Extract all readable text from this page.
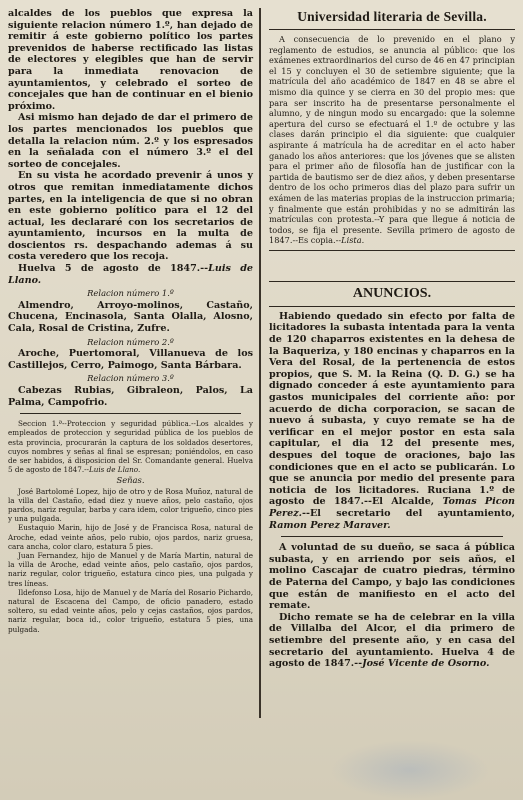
alcaldes de los pueblos que expresa la siguiente relacion número 1.º, han dejado de remitir á este gobierno político los partes prevenidos de haberse rectificado las listas de electores y elegibles que han de servir para la inmediata renovacion de ayuntamientos, y celebrado el sorteo de concejales que han de continuar en el bienio próximo.

Asi mismo han dejado de dar el primero de los partes mencionados los pueblos que detalla la relacion núm. 2.º y los espresados en la señalada con el número 3.º el del sorteo de concejales.

En su vista he acordado prevenir á unos y otros que remitan inmediatamente dichos partes, en la inteligencia de que si no obran en este gobierno político para el 12 del actual, les declararé con los secretarios de ayuntamiento, incursos en la multa de doscientos rs. despachando ademas á su costa veredero que los recoja.

Huelva 5 de agosto de 1847.--Luis de Llano.

Relacion número 1.º

Almendro, Arroyo-molinos, Castaño, Chucena, Encinasola, Santa Olalla, Alosno, Cala, Rosal de Cristina, Zufre.

Relacion número 2.º

Aroche, Puertomoral, Villanueva de los Castillejos, Cerro, Paimogo, Santa Bárbara.

Relacion número 3.º

Cabezas Rubias, Gibraleon, Palos, La Palma, Campofrio.

Seccion 1.ª--Proteccion y seguridad pública.--Los alcaldes y empleados de proteccion y seguridad pública de los pueblos de esta provincia, procurarán la captura de los soldados desertores, cuyos nombres y señas al final se espresan; poniéndolos, en caso de ser habidos, á disposicion del Sr. Comandante general. Huelva 5 de agosto de 1847.--Luis de Llano.

Señas.

José Bartolomé Lopez, hijo de otro y de Rosa Muñoz, natural de la villa del Castaño, edad diez y nueve años, pelo castaño, ojos pardos, nariz regular, barba y cara idem, color trigueño, cinco pies y una pulgada.

Eustaquio Marin, hijo de José y de Francisca Rosa, natural de Aroche, edad veinte años, pelo rubio, ojos pardos, nariz gruesa, cara ancha, color claro, estatura 5 pies.

Juan Fernandez, hijo de Manuel y de María Martin, natural de la villa de Aroche, edad veinte años, pelo castaño, ojos pardos, nariz regular, color trigueño, estatura cinco pies, una pulgada y tres líneas.

Ildefonso Losa, hijo de Manuel y de María del Rosario Pichardo, natural de Escacena del Campo, de oficio panadero, estado soltero, su edad veinte años, pelo y cejas castaños, ojos pardos, nariz regular, boca id., color trigueño, estatura 5 pies, una pulgada.

Universidad literaria de Sevilla.

A consecuencia de lo prevenido en el plano y reglamento de estudios, se anuncia al público: que los exámenes extraordinarios del curso de 46 en 47 principian el 15 y concluyen el 30 de setiembre siguiente; que la matrícula del año académico de 1847 en 48 se abre el mismo dia quince y se cierra en 30 del propio mes: que para ser inscrito ha de presentarse personalmente el alumno, y de ningun modo su encargado: que la solemne apertura del curso se efectuará el 1.º de octubre y las clases darán principio el dia siguiente: que cualquier aspirante á matrícula ha de acreditar en el acto haber ganado los años anteriores: que los jóvenes que se alisten para el primer año de filosofía han de justificar con la partida de bautismo ser de diez años, y deben presentarse dentro de los ocho primeros dias del plazo para sufrir un exámen de las materias propias de la instruccion primaria; y finalmente que están prohibidas y no se admitirán las matrículas con protesta.--Y para que llegue á noticia de todos, se fija el presente. Sevilla primero de agosto de 1847.--Es copia.--Lista.

ANUNCIOS.

Habiendo quedado sin efecto por falta de licitadores la subasta intentada para la venta de 120 chaparros existentes en la dehesa de la Baqueriza, y 180 encinas y chaparros en la Vera del Rosal, de la pertenencia de estos propios, que S. M. la Reina (Q. D. G.) se ha dignado conceder á este ayuntamiento para gastos municipales del corriente año: por acuerdo de dicha corporacion, se sacan de nuevo á subasta, y cuyo remate se ha de verificar en el mejor postor en esta sala capitular, el dia 12 del presente mes, despues del toque de oraciones, bajo las condiciones que en el acto se publicarán. Lo que se anuncia por medio del presente para noticia de los licitadores. Ruciana 1.º de agosto de 1847.--El Alcalde, Tomas Picon Perez.--El secretario del ayuntamiento, Ramon Perez Maraver.

A voluntad de su dueño, se saca á pública subasta, y en arriendo por seis años, el molino Cascajar de cuatro piedras, término de Paterna del Campo, y bajo las condiciones que están de manifiesto en el acto del remate.

Dicho remate se ha de celebrar en la villa de Villalba del Alcor, el dia primero de setiembre del presente año, y en casa del secretario del ayuntamiento. Huelva 4 de agosto de 1847.--José Vicente de Osorno.
